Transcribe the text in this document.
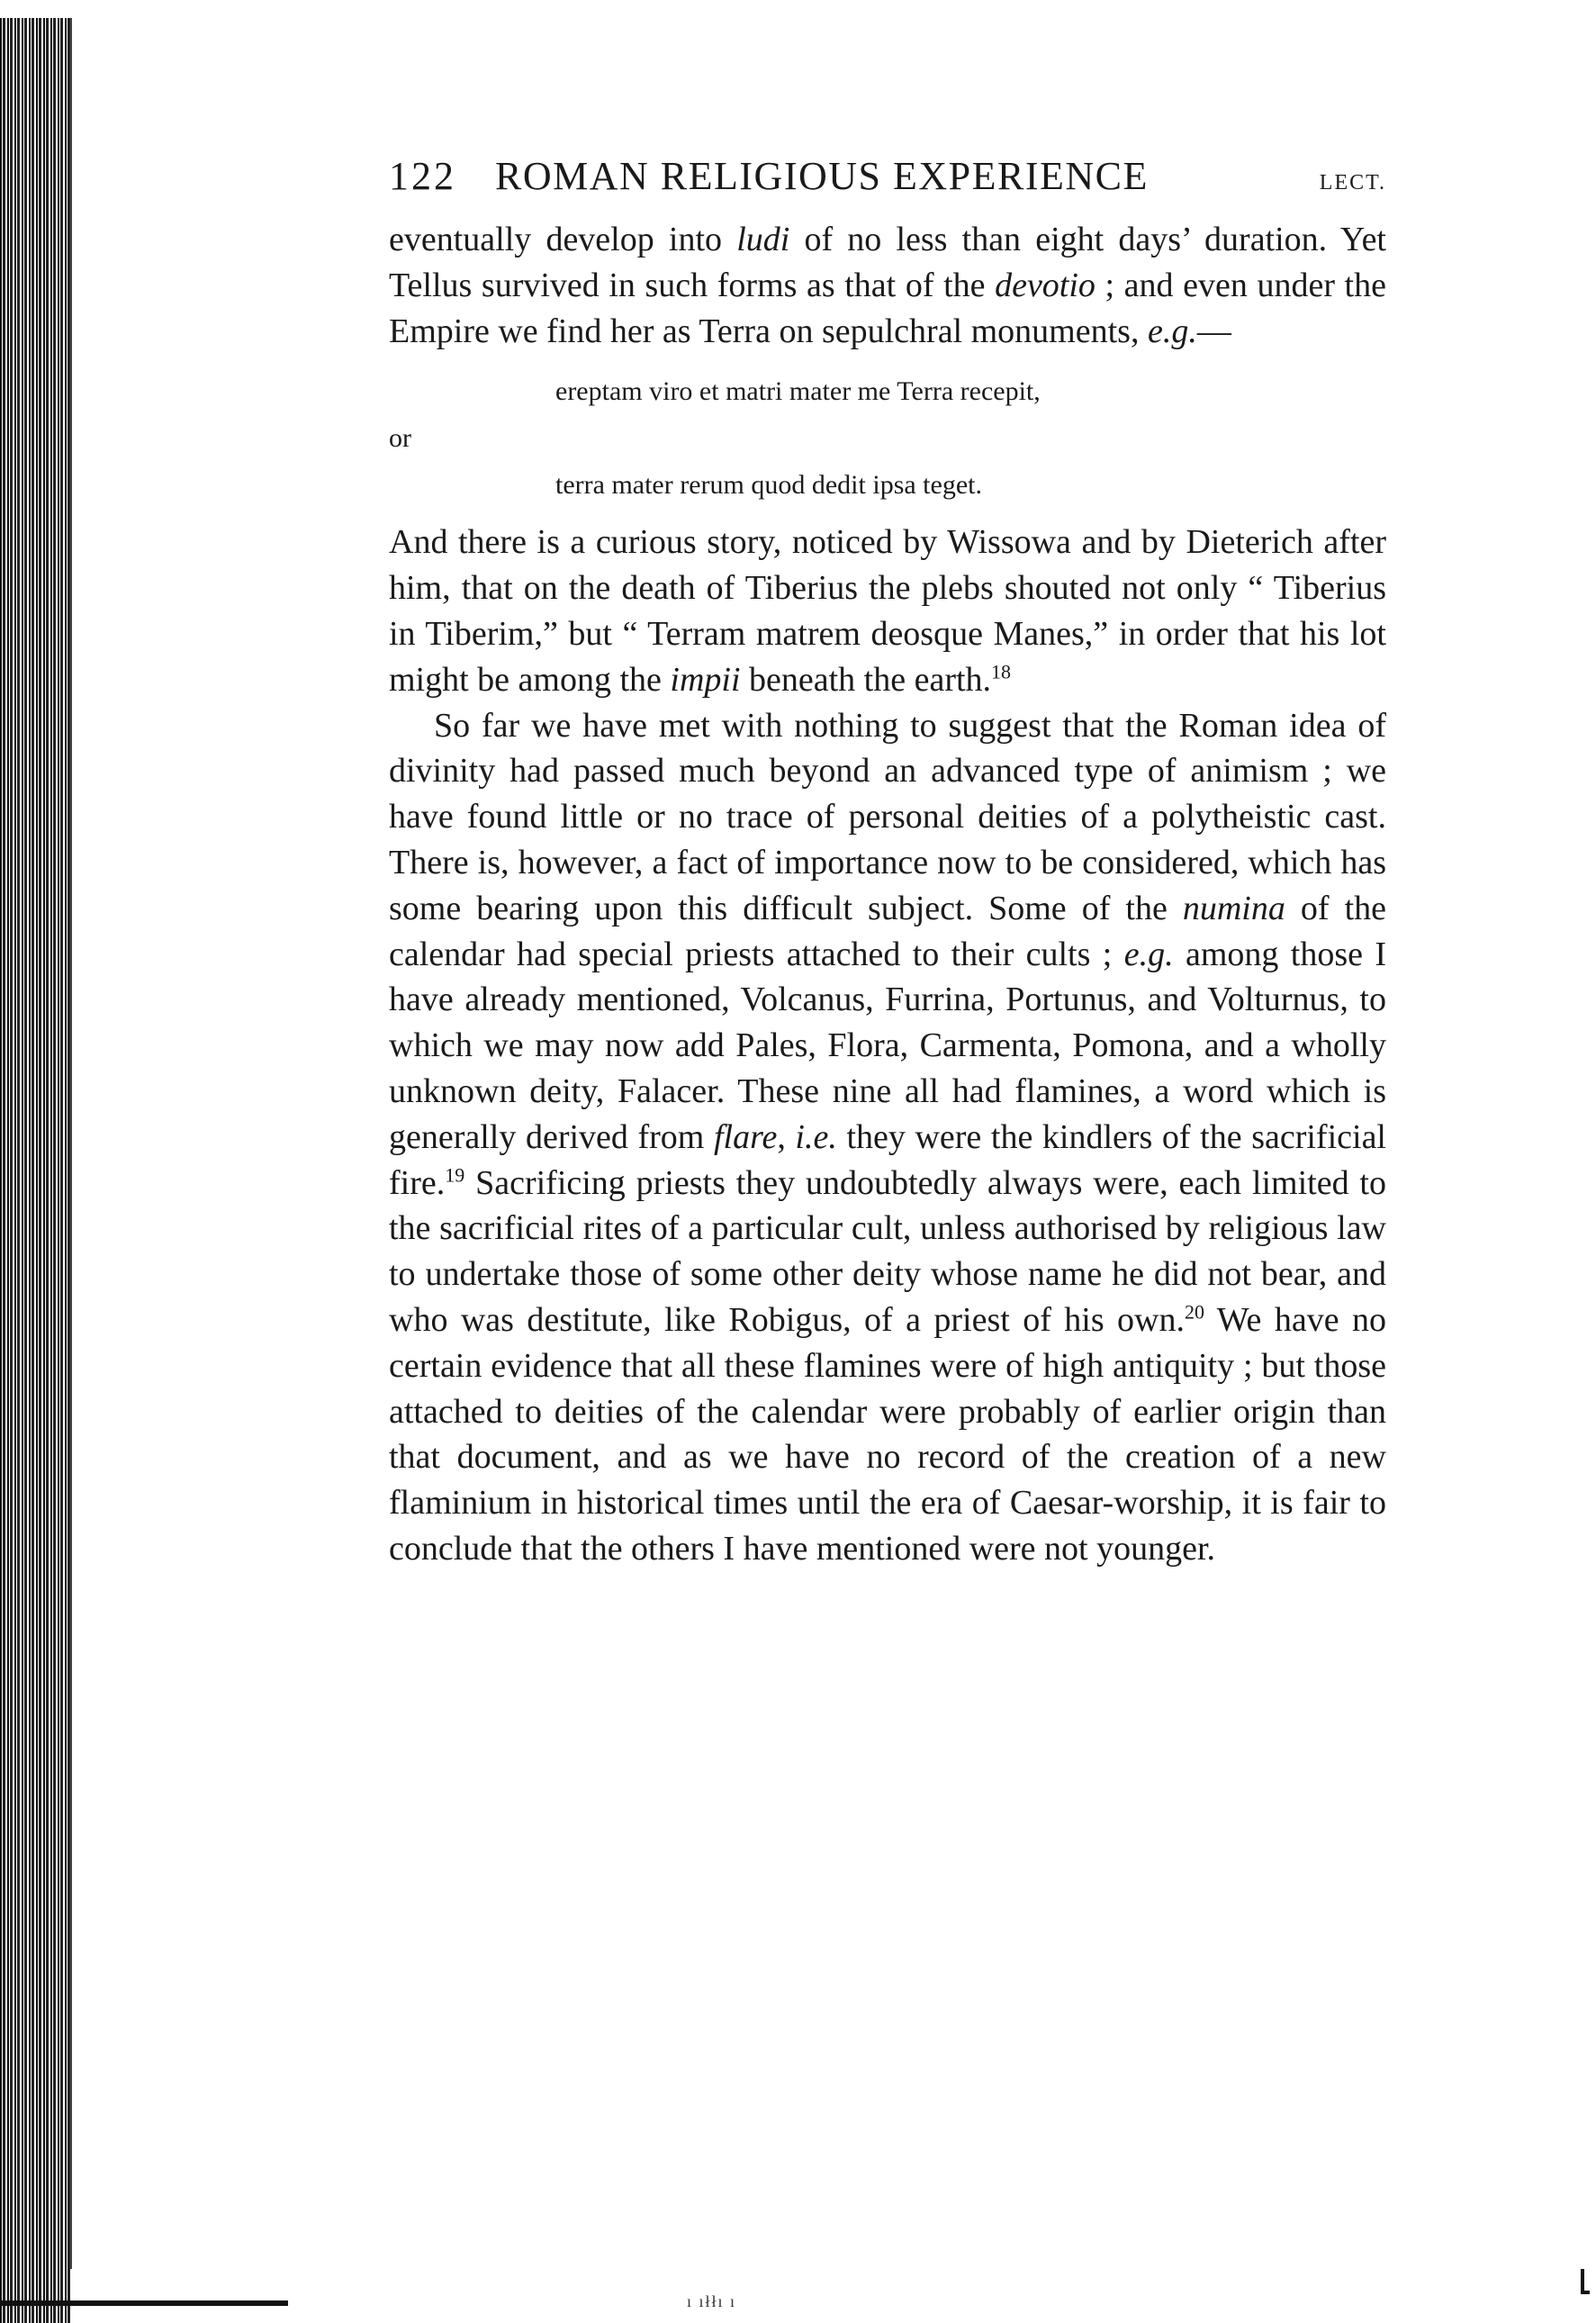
ı ıłłı ı
122 ROMAN RELIGIOUS EXPERIENCE	LECT.

eventually develop into ludi of no less than eight days’ duration. Yet Tellus survived in such forms as that of the devotio ; and even under the Empire we find her as Terra on sepulchral monuments, e.g.—

ereptam viro et matri mater me Terra recepit,
or
terra mater rerum quod dedit ipsa teget.

And there is a curious story, noticed by Wissowa and by Dieterich after him, that on the death of Tiberius the plebs shouted not only “ Tiberius in Tiberim,” but “ Terram matrem deosque Manes,” in order that his lot might be among the impii beneath the earth.$^{18}$

So far we have met with nothing to suggest that the Roman idea of divinity had passed much beyond an advanced type of animism ; we have found little or no trace of personal deities of a polytheistic cast. There is, however, a fact of importance now to be considered, which has some bearing upon this difficult subject. Some of the numina of the calendar had special priests attached to their cults ; e.g. among those I have already mentioned, Volcanus, Furrina, Portunus, and Volturnus, to which we may now add Pales, Flora, Carmenta, Pomona, and a wholly unknown deity, Falacer. These nine all had flamines, a word which is generally derived from flare, i.e. they were the kindlers of the sacrificial fire.$^{19}$ Sacrificing priests they undoubtedly always were, each limited to the sacrificial rites of a particular cult, unless authorised by religious law to undertake those of some other deity whose name he did not bear, and who was destitute, like Robigus, of a priest of his own.$^{20}$ We have no certain evidence that all these flamines were of high antiquity ; but those attached to deities of the calendar were probably of earlier origin than that document, and as we have no record of the creation of a new flaminium in historical times until the era of Caesar-worship, it is fair to conclude that the others I have mentioned were not younger.
